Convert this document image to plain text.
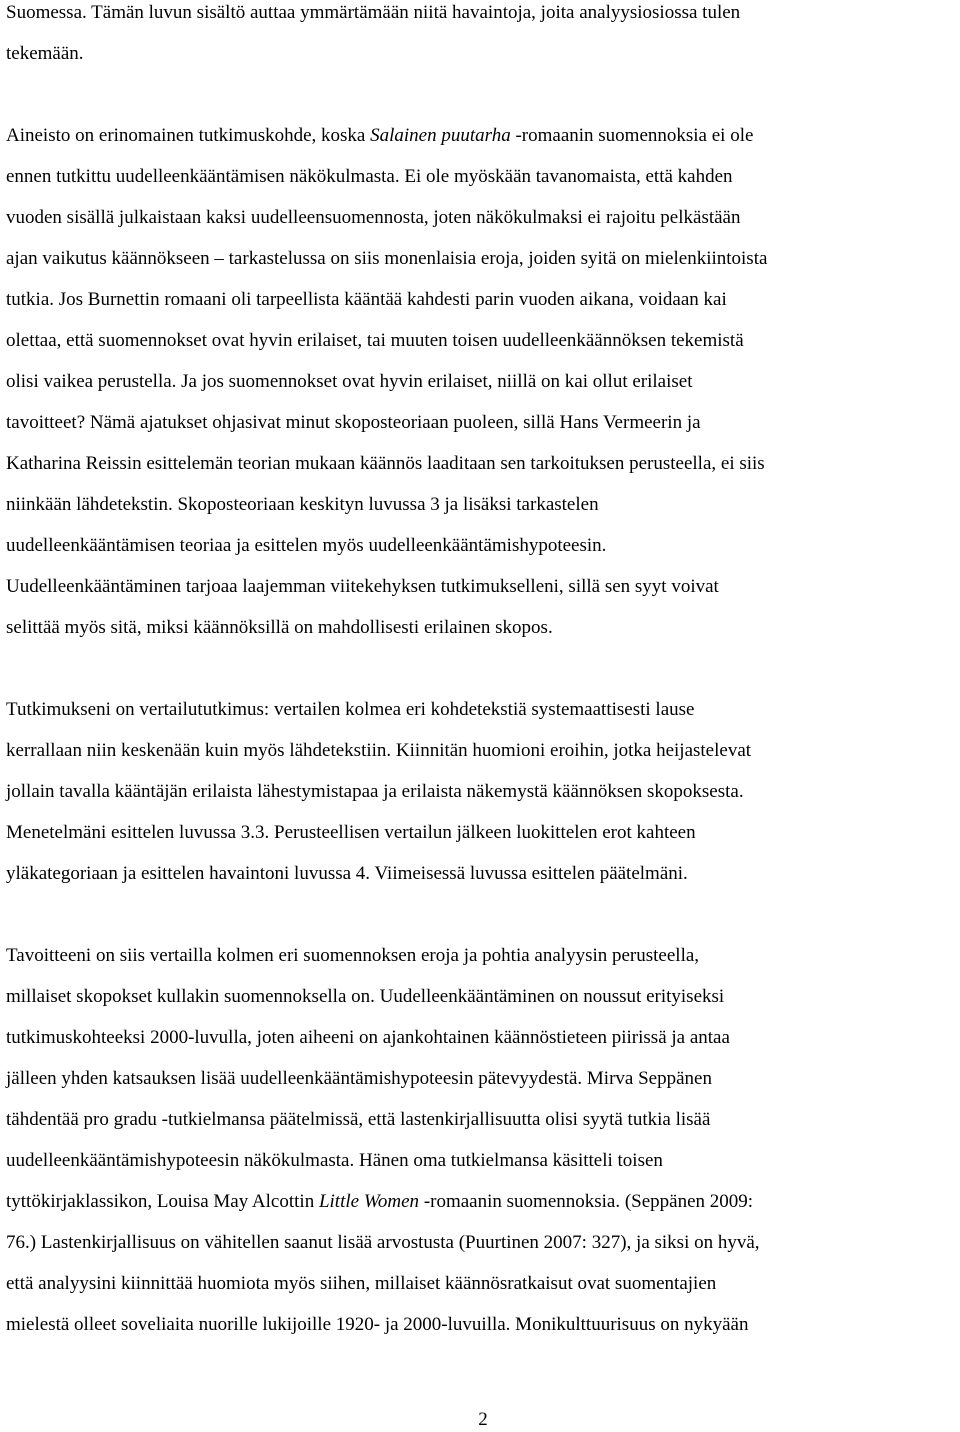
Suomessa. Tämän luvun sisältö auttaa ymmärtämään niitä havaintoja, joita analyysiosiossa tulen
tekemään.
Aineisto on erinomainen tutkimuskohde, koska Salainen puutarha -romaanin suomennoksia ei ole
ennen tutkittu uudelleenkääntämisen näkökulmasta. Ei ole myöskään tavanomaista, että kahden
vuoden sisällä julkaistaan kaksi uudelleensuomennosta, joten näkökulmaksi ei rajoitu pelkästään
ajan vaikutus käännökseen – tarkastelussa on siis monenlaisia eroja, joiden syitä on mielenkiintoista
tutkia. Jos Burnettin romaani oli tarpeellista kääntää kahdesti parin vuoden aikana, voidaan kai
olettaa, että suomennokset ovat hyvin erilaiset, tai muuten toisen uudelleenkäännöksen tekemistä
olisi vaikea perustella. Ja jos suomennokset ovat hyvin erilaiset, niillä on kai ollut erilaiset
tavoitteet? Nämä ajatukset ohjasivat minut skoposteoriaan puoleen, sillä Hans Vermeerin ja
Katharina Reissin esittelemän teorian mukaan käännös laaditaan sen tarkoituksen perusteella, ei siis
niinkään lähdetekstin. Skoposteoriaan keskityn luvussa 3 ja lisäksi tarkastelen
uudelleenkääntämisen teoriaa ja esittelen myös uudelleenkääntämishypoteesin.
Uudelleenkääntäminen tarjoaa laajemman viitekehyksen tutkimukselleni, sillä sen syyt voivat
selittää myös sitä, miksi käännöksillä on mahdollisesti erilainen skopos.
Tutkimukseni on vertailututkimus: vertailen kolmea eri kohdetekstiä systemaattisesti lause
kerrallaan niin keskenään kuin myös lähdetekstiin. Kiinnitän huomioni eroihin, jotka heijastelevat
jollain tavalla kääntäjän erilaista lähestymistapaa ja erilaista näkemystä käännöksen skopoksesta.
Menetelmäni esittelen luvussa 3.3. Perusteellisen vertailun jälkeen luokittelen erot kahteen
yläkategoriaan ja esittelen havaintoni luvussa 4. Viimeisessä luvussa esittelen päätelmäni.
Tavoitteeni on siis vertailla kolmen eri suomennoksen eroja ja pohtia analyysin perusteella,
millaiset skopokset kullakin suomennoksella on. Uudelleenkääntäminen on noussut erityiseksi
tutkimuskohteeksi 2000-luvulla, joten aiheeni on ajankohtainen käännöstieteen piirissä ja antaa
jälleen yhden katsauksen lisää uudelleenkääntämishypoteesin pätevyydestä. Mirva Seppänen
tähdentää pro gradu -tutkielmansa päätelmissä, että lastenkirjallisuutta olisi syytä tutkia lisää
uudelleenkääntämishypoteesin näkökulmasta. Hänen oma tutkielmansa käsitteli toisen
tyttökirjaklassikon, Louisa May Alcottin Little Women -romaanin suomennoksia. (Seppänen 2009:
76.) Lastenkirjallisuus on vähitellen saanut lisää arvostusta (Puurtinen 2007: 327), ja siksi on hyvä,
että analyysini kiinnittää huomiota myös siihen, millaiset käännösratkaisut ovat suomentajien
mielestä olleet soveliaita nuorille lukijoille 1920- ja 2000-luvuilla. Monikulttuurisuus on nykyään
2
